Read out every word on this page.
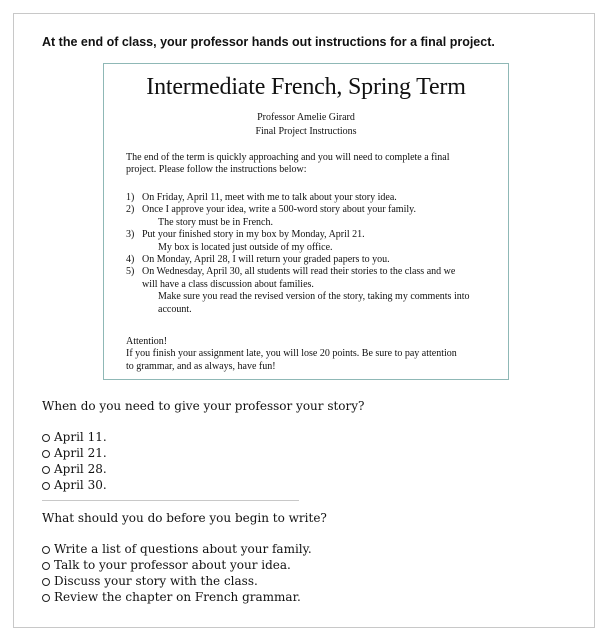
At the end of class, your professor hands out instructions for a final project.
Intermediate French, Spring Term
Professor Amelie Girard
Final Project Instructions
The end of the term is quickly approaching and you will need to complete a final
project. Please follow the instructions below:
1) On Friday, April 11, meet with me to talk about your story idea.
2) Once I approve your idea, write a 500-word story about your family.
The story must be in French.
3) Put your finished story in my box by Monday, April 21.
My box is located just outside of my office.
4) On Monday, April 28, I will return your graded papers to you.
5) On Wednesday, April 30, all students will read their stories to the class and we
will have a class discussion about families.
Make sure you read the revised version of the story, taking my comments into
account.
Attention!
If you finish your assignment late, you will lose 20 points. Be sure to pay attention
to grammar, and as always, have fun!
When do you need to give your professor your story?
April 11.
April 21.
April 28.
April 30.
What should you do before you begin to write?
Write a list of questions about your family.
Talk to your professor about your idea.
Discuss your story with the class.
Review the chapter on French grammar.
